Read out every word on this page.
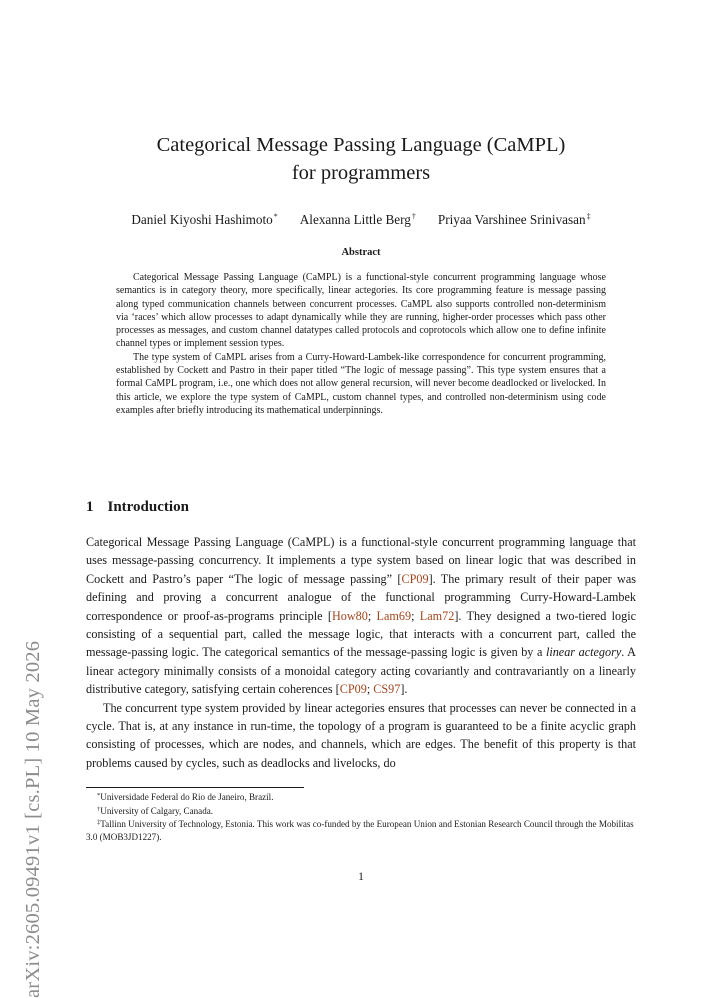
arXiv:2605.09491v1 [cs.PL] 10 May 2026
Categorical Message Passing Language (CaMPL)
for programmers
Daniel Kiyoshi Hashimoto* Alexanna Little Berg† Priyaa Varshinee Srinivasan‡
Abstract

Categorical Message Passing Language (CaMPL) is a functional-style concurrent programming language whose semantics is in category theory, more specifically, linear actegories. Its core programming feature is message passing along typed communication channels between concurrent processes. CaMPL also supports controlled non-determinism via ‘races’ which allow processes to adapt dynamically while they are running, higher-order processes which pass other processes as messages, and custom channel datatypes called protocols and coprotocols which allow one to define infinite channel types or implement session types.

The type system of CaMPL arises from a Curry-Howard-Lambek-like correspondence for concurrent programming, established by Cockett and Pastro in their paper titled “The logic of message passing”. This type system ensures that a formal CaMPL program, i.e., one which does not allow general recursion, will never become deadlocked or livelocked. In this article, we explore the type system of CaMPL, custom channel types, and controlled non-determinism using code examples after briefly introducing its mathematical underpinnings.

1 Introduction

Categorical Message Passing Language (CaMPL) is a functional-style concurrent programming language that uses message-passing concurrency. It implements a type system based on linear logic that was described in Cockett and Pastro’s paper “The logic of message passing” [CP09]. The primary result of their paper was defining and proving a concurrent analogue of the functional programming Curry-Howard-Lambek correspondence or proof-as-programs principle [How80; Lam69; Lam72]. They designed a two-tiered logic consisting of a sequential part, called the message logic, that interacts with a concurrent part, called the message-passing logic. The categorical semantics of the message-passing logic is given by a linear actegory. A linear actegory minimally consists of a monoidal category acting covariantly and contravariantly on a linearly distributive category, satisfying certain coherences [CP09; CS97].

The concurrent type system provided by linear actegories ensures that processes can never be connected in a cycle. That is, at any instance in run-time, the topology of a program is guaranteed to be a finite acyclic graph consisting of processes, which are nodes, and channels, which are edges. The benefit of this property is that problems caused by cycles, such as deadlocks and livelocks, do

*Universidade Federal do Rio de Janeiro, Brazil.

†University of Calgary, Canada.

‡Tallinn University of Technology, Estonia. This work was co-funded by the European Union and Estonian Research Council through the Mobilitas 3.0 (MOB3JD1227).

1
